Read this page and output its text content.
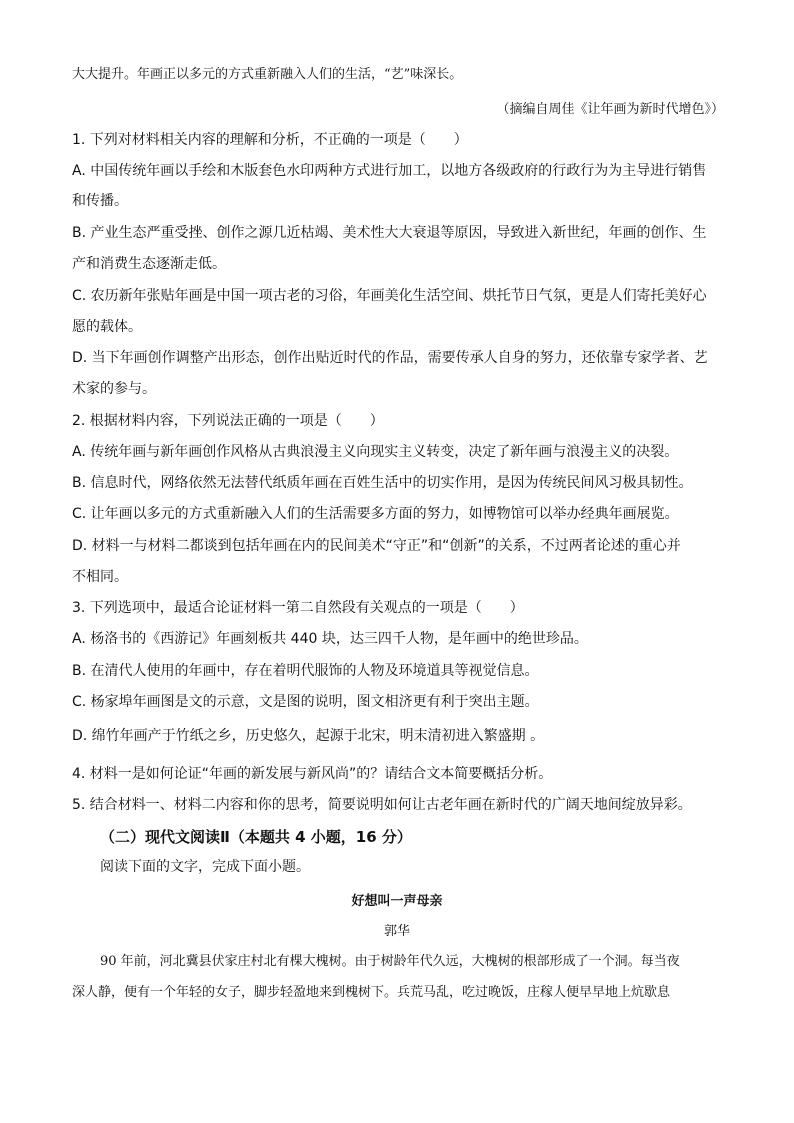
大大提升。年画正以多元的方式重新融入人们的生活，“艺”味深长。
（摘编自周佳《让年画为新时代增色》）
1. 下列对材料相关内容的理解和分析，不正确的一项是（　　）
A. 中国传统年画以手绘和木版套色水印两种方式进行加工，以地方各级政府的行政行为为主导进行销售
和传播。
B. 产业生态严重受挫、创作之源几近枯竭、美术性大大衰退等原因，导致进入新世纪，年画的创作、生
产和消费生态逐渐走低。
C. 农历新年张贴年画是中国一项古老的习俗，年画美化生活空间、烘托节日气氛，更是人们寄托美好心
愿的载体。
D. 当下年画创作调整产出形态，创作出贴近时代的作品，需要传承人自身的努力，还依靠专家学者、艺
术家的参与。
2. 根据材料内容，下列说法正确的一项是（　　）
A. 传统年画与新年画创作风格从古典浪漫主义向现实主义转变，决定了新年画与浪漫主义的决裂。
B. 信息时代，网络依然无法替代纸质年画在百姓生活中的切实作用，是因为传统民间风习极具韧性。
C. 让年画以多元的方式重新融入人们的生活需要多方面的努力，如博物馆可以举办经典年画展览。
D. 材料一与材料二都谈到包括年画在内的民间美术“守正”和“创新”的关系，不过两者论述的重心并
不相同。
3. 下列选项中，最适合论证材料一第二自然段有关观点的一项是（　　）
A. 杨洛书的《西游记》年画刻板共 440 块，达三四千人物，是年画中的绝世珍品。
B. 在清代人使用的年画中，存在着明代服饰的人物及环境道具等视觉信息。
C. 杨家埠年画图是文的示意，文是图的说明，图文相济更有利于突出主题。
D. 绵竹年画产于竹纸之乡，历史悠久，起源于北宋，明末清初进入繁盛期 。
4. 材料一是如何论证“年画的新发展与新风尚”的？请结合文本简要概括分析。
5. 结合材料一、材料二内容和你的思考，简要说明如何让古老年画在新时代的广阔天地间绽放异彩。
（二）现代文阅读Ⅱ（本题共 4 小题，16 分）
阅读下面的文字，完成下面小题。
好想叫一声母亲
郭华
90 年前，河北冀县伏家庄村北有棵大槐树。由于树龄年代久远，大槐树的根部形成了一个洞。每当夜
深人静，便有一个年轻的女子，脚步轻盈地来到槐树下。兵荒马乱，吃过晚饭，庄稼人便早早地上炕歇息
